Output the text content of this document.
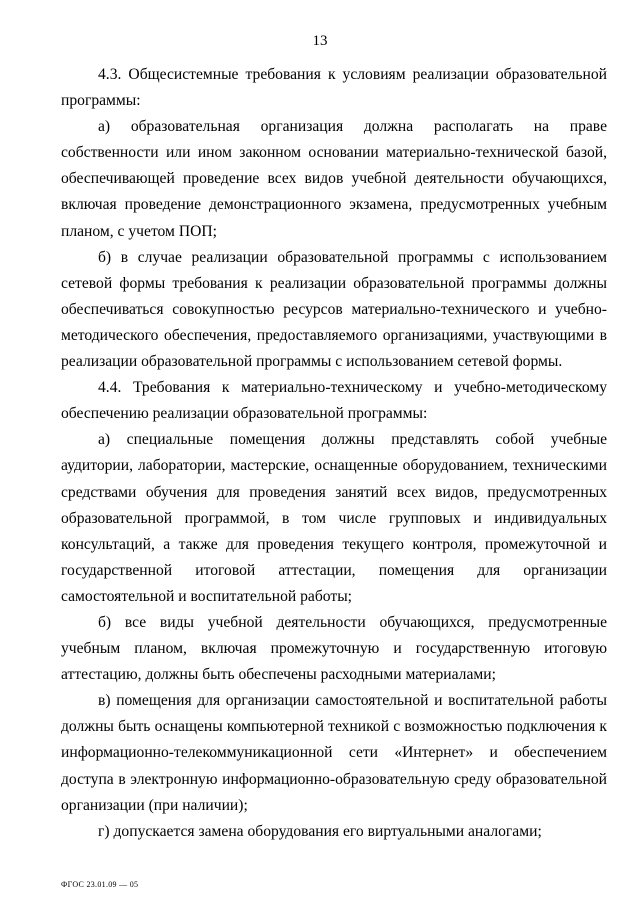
13

4.3. Общесистемные требования к условиям реализации образовательной программы:

а) образовательная организация должна располагать на праве собственности или ином законном основании материально-технической базой, обеспечивающей проведение всех видов учебной деятельности обучающихся, включая проведение демонстрационного экзамена, предусмотренных учебным планом, с учетом ПОП;

б) в случае реализации образовательной программы с использованием сетевой формы требования к реализации образовательной программы должны обеспечиваться совокупностью ресурсов материально-технического и учебно-методического обеспечения, предоставляемого организациями, участвующими в реализации образовательной программы с использованием сетевой формы.

4.4. Требования к материально-техническому и учебно-методическому обеспечению реализации образовательной программы:

а) специальные помещения должны представлять собой учебные аудитории, лаборатории, мастерские, оснащенные оборудованием, техническими средствами обучения для проведения занятий всех видов, предусмотренных образовательной программой, в том числе групповых и индивидуальных консультаций, а также для проведения текущего контроля, промежуточной и государственной итоговой аттестации, помещения для организации самостоятельной и воспитательной работы;

б) все виды учебной деятельности обучающихся, предусмотренные учебным планом, включая промежуточную и государственную итоговую аттестацию, должны быть обеспечены расходными материалами;

в) помещения для организации самостоятельной и воспитательной работы должны быть оснащены компьютерной техникой с возможностью подключения к информационно-телекоммуникационной сети «Интернет» и обеспечением доступа в электронную информационно-образовательную среду образовательной организации (при наличии);

г) допускается замена оборудования его виртуальными аналогами;

ФГОС 23.01.09 — 05
